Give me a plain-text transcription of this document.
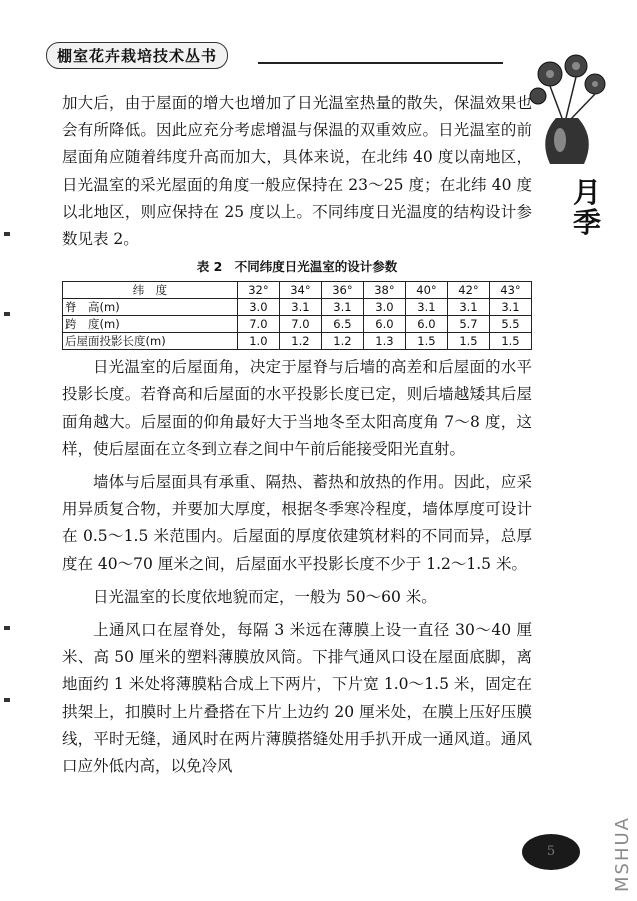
棚室花卉栽培技术丛书
月季

加大后，由于屋面的增大也增加了日光温室热量的散失，保温效果也会有所降低。因此应充分考虑增温与保温的双重效应。日光温室的前屋面角应随着纬度升高而加大，具体来说，在北纬 40 度以南地区，日光温室的采光屋面的角度一般应保持在 23～25 度；在北纬 40 度以北地区，则应保持在 25 度以上。不同纬度日光温度的结构设计参数见表 2。

表 2　不同纬度日光温室的设计参数
纬　度	32°	34°	36°	38°	40°	42°	43°
脊　高(m)	3.0	3.1	3.1	3.0	3.1	3.1	3.1
跨　度(m)	7.0	7.0	6.5	6.0	6.0	5.7	5.5
后屋面投影长度(m)	1.0	1.2	1.2	1.3	1.5	1.5	1.5

日光温室的后屋面角，决定于屋脊与后墙的高差和后屋面的水平投影长度。若脊高和后屋面的水平投影长度已定，则后墙越矮其后屋面角越大。后屋面的仰角最好大于当地冬至太阳高度角 7～8 度，这样，使后屋面在立冬到立春之间中午前后能接受阳光直射。

墙体与后屋面具有承重、隔热、蓄热和放热的作用。因此，应采用异质复合物，并要加大厚度，根据冬季寒冷程度，墙体厚度可设计在 0.5～1.5 米范围内。后屋面的厚度依建筑材料的不同而异，总厚度在 40～70 厘米之间，后屋面水平投影长度不少于 1.2～1.5 米。

日光温室的长度依地貌而定，一般为 50～60 米。

上通风口在屋脊处，每隔 3 米远在薄膜上设一直径 30～40 厘米、高 50 厘米的塑料薄膜放风筒。下排气通风口设在屋面底脚，离地面约 1 米处将薄膜粘合成上下两片，下片宽 1.0～1.5 米，固定在拱架上，扣膜时上片叠搭在下片上边约 20 厘米处，在膜上压好压膜线，平时无缝，通风时在两片薄膜搭缝处用手扒开成一通风道。通风口应外低内高，以免冷风

5	MSHUA
